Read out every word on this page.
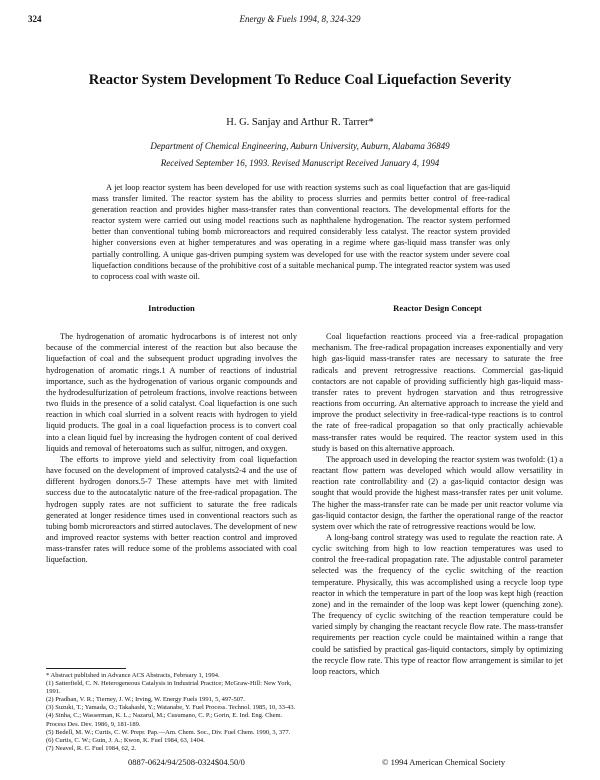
324	Energy & Fuels 1994, 8, 324-329
Reactor System Development To Reduce Coal Liquefaction Severity
H. G. Sanjay and Arthur R. Tarrer*
Department of Chemical Engineering, Auburn University, Auburn, Alabama 36849
Received September 16, 1993. Revised Manuscript Received January 4, 1994

A jet loop reactor system has been developed for use with reaction systems such as coal liquefaction that are gas-liquid mass transfer limited. The reactor system has the ability to process slurries and permits better control of free-radical generation reaction and provides higher mass-transfer rates than conventional reactors. The developmental efforts for the reactor system were carried out using model reactions such as naphthalene hydrogenation. The reactor system performed better than conventional tubing bomb microreactors and required considerably less catalyst. The reactor system provided higher conversions even at higher temperatures and was operating in a regime where gas-liquid mass transfer was only partially controlling. A unique gas-driven pumping system was developed for use with the reactor system under severe coal liquefaction conditions because of the prohibitive cost of a suitable mechanical pump. The integrated reactor system was used to coprocess coal with waste oil.

Introduction

The hydrogenation of aromatic hydrocarbons is of interest not only because of the commercial interest of the reaction but also because the liquefaction of coal and the subsequent product upgrading involves the hydrogenation of aromatic rings.1 A number of reactions of industrial importance, such as the hydrogenation of various organic compounds and the hydrodesulfurization of petroleum fractions, involve reactions between two fluids in the presence of a solid catalyst. Coal liquefaction is one such reaction in which coal slurried in a solvent reacts with hydrogen to yield liquid products. The goal in a coal liquefaction process is to convert coal into a clean liquid fuel by increasing the hydrogen content of coal derived liquids and removal of heteroatoms such as sulfur, nitrogen, and oxygen.

The efforts to improve yield and selectivity from coal liquefaction have focused on the development of improved catalysts2-4 and the use of different hydrogen donors.5-7 These attempts have met with limited success due to the autocatalytic nature of the free-radical propagation. The hydrogen supply rates are not sufficient to saturate the free radicals generated at longer residence times used in conventional reactors such as tubing bomb microreactors and stirred autoclaves. The development of new and improved reactor systems with better reaction control and improved mass-transfer rates will reduce some of the problems associated with coal liquefaction.

* Abstract published in Advance ACS Abstracts, February 1, 1994.
(1) Satterfield, C. N. Heterogeneous Catalysis in Industrial Practice; McGraw-Hill: New York, 1991.
(2) Pradhan, V. R.; Tierney, J. W.; Irving, W. Energy Fuels 1991, 5, 497-507.
(3) Suzuki, T.; Yamada, O.; Takahashi, Y.; Watanabe, Y. Fuel Process. Technol. 1985, 10, 33-43.
(4) Sinha, C.; Wasserman, K. L.; Nazarul, M.; Cusumano, C. P.; Gorin, E. Ind. Eng. Chem. Process Des. Dev. 1986, 9, 181-189.
(5) Bedell, M. W.; Curtis, C. W. Prepr. Pap.—Am. Chem. Soc., Div. Fuel Chem. 1990, 3, 377.
(6) Curtis, C. W.; Guin, J. A.; Kwon, K. Fuel 1984, 63, 1404.
(7) Neavel, R. C. Fuel 1984, 62, 2.
Reactor Design Concept

Coal liquefaction reactions proceed via a free-radical propagation mechanism. The free-radical propagation increases exponentially and very high gas-liquid mass-transfer rates are necessary to saturate the free radicals and prevent retrogressive reactions. Commercial gas-liquid contactors are not capable of providing sufficiently high gas-liquid mass-transfer rates to prevent hydrogen starvation and thus retrogressive reactions from occurring. An alternative approach to increase the yield and improve the product selectivity in free-radical-type reactions is to control the rate of free-radical propagation so that only practically achievable mass-transfer rates would be required. The reactor system used in this study is based on this alternative approach.

The approach used in developing the reactor system was twofold: (1) a reactant flow pattern was developed which would allow versatility in reaction rate controllability and (2) a gas-liquid contactor design was sought that would provide the highest mass-transfer rates per unit volume. The higher the mass-transfer rate can be made per unit reactor volume via gas-liquid contactor design, the farther the operational range of the reactor system over which the rate of retrogressive reactions would be low.

A long-bang control strategy was used to regulate the reaction rate. A cyclic switching from high to low reaction temperatures was used to control the free-radical propagation rate. The adjustable control parameter selected was the frequency of the cyclic switching of the reaction temperature. Physically, this was accomplished using a recycle loop type reactor in which the temperature in part of the loop was kept high (reaction zone) and in the remainder of the loop was kept lower (quenching zone). The frequency of cyclic switching of the reaction temperature could be varied simply by changing the reactant recycle flow rate. The mass-transfer requirements per reaction cycle could be maintained within a range that could be satisfied by practical gas-liquid contactors, simply by optimizing the recycle flow rate. This type of reactor flow arrangement is similar to jet loop reactors, which

0887-0624/94/2508-0324$04.50/0	© 1994 American Chemical Society
